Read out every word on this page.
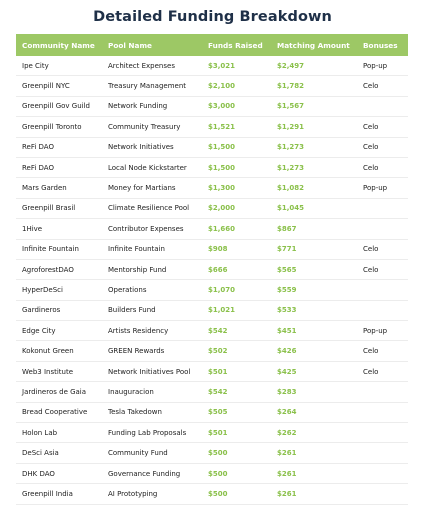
Detailed Funding Breakdown
Community Name	Pool Name	Funds Raised	Matching Amount	Bonuses
Ipe City	Architect Expenses	$3,021	$2,497	Pop-up
Greenpill NYC	Treasury Management	$2,100	$1,782	Celo
Greenpill Gov Guild	Network Funding	$3,000	$1,567
Greenpill Toronto	Community Treasury	$1,521	$1,291	Celo
ReFi DAO	Network Initiatives	$1,500	$1,273	Celo
ReFi DAO	Local Node Kickstarter	$1,500	$1,273	Celo
Mars Garden	Money for Martians	$1,300	$1,082	Pop-up
Greenpill Brasil	Climate Resilience Pool	$2,000	$1,045
1Hive	Contributor Expenses	$1,660	$867
Infinite Fountain	Infinite Fountain	$908	$771	Celo
AgroforestDAO	Mentorship Fund	$666	$565	Celo
HyperDeSci	Operations	$1,070	$559
Gardineros	Builders Fund	$1,021	$533
Edge City	Artists Residency	$542	$451	Pop-up
Kokonut Green	GREEN Rewards	$502	$426	Celo
Web3 Institute	Network Initiatives Pool	$501	$425	Celo
Jardineros de Gaia	Inauguracion	$542	$283
Bread Cooperative	Tesla Takedown	$505	$264
Holon Lab	Funding Lab Proposals	$501	$262
DeSci Asia	Community Fund	$500	$261
DHK DAO	Governance Funding	$500	$261
Greenpill India	AI Prototyping	$500	$261
